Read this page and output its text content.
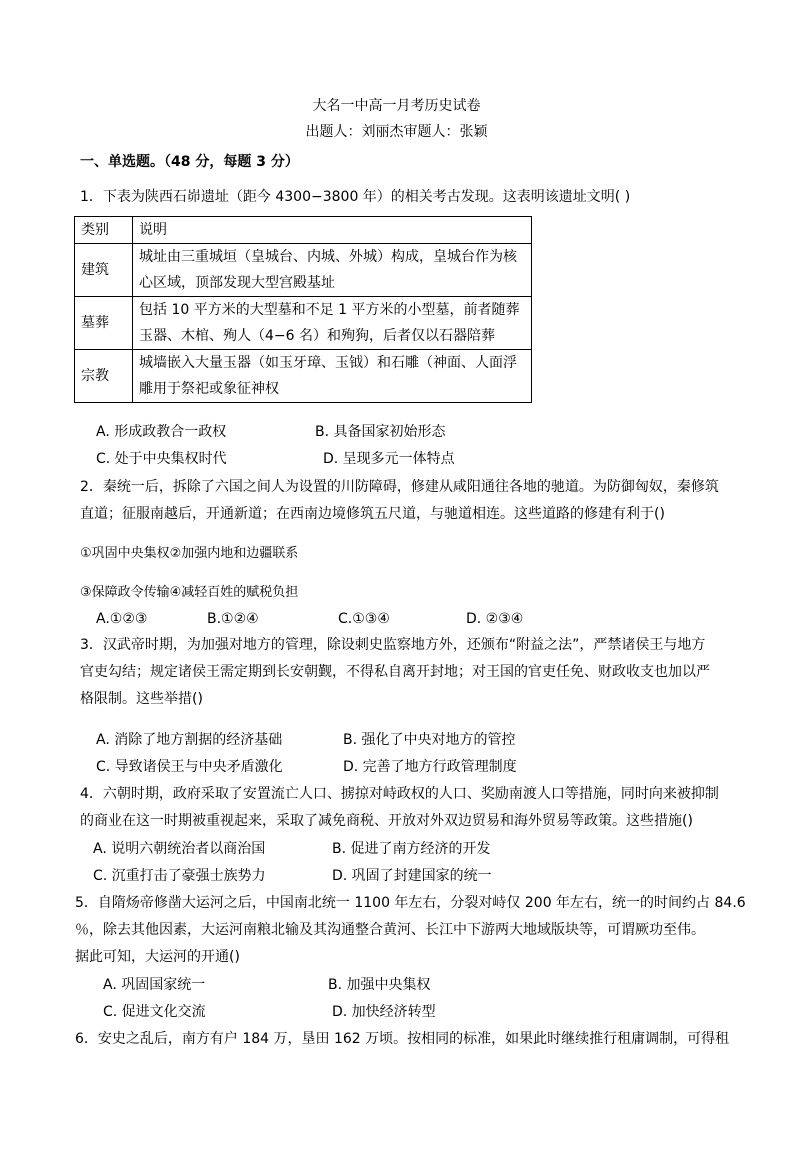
大名一中高一月考历史试卷
出题人：刘丽杰审题人：张颖
一、单选题。（48 分，每题 3 分）
1．下表为陕西石峁遗址（距今 4300−3800 年）的相关考古发现。这表明该遗址文明( )
类别	说明
建筑	城址由三重城垣（皇城台、内城、外城）构成，皇城台作为核心区域，顶部发现大型宫殿基址
墓葬	包括 10 平方米的大型墓和不足 1 平方米的小型墓，前者随葬玉器、木棺、殉人（4−6 名）和殉狗，后者仅以石器陪葬
宗教	城墙嵌入大量玉器（如玉牙璋、玉钺）和石雕（神面、人面浮雕用于祭祀或象征神权
A. 形成政教合一政权	B. 具备国家初始形态
C. 处于中央集权时代	D. 呈现多元一体特点
2．秦统一后，拆除了六国之间人为设置的川防障碍，修建从咸阳通往各地的驰道。为防御匈奴，秦修筑
直道；征服南越后，开通新道；在西南边境修筑五尺道，与驰道相连。这些道路的修建有利于()
①巩固中央集权②加强内地和边疆联系
③保障政令传输④减轻百姓的赋税负担
A.①②③	B.①②④	C.①③④	D. ②③④
3．汉武帝时期，为加强对地方的管理，除设刺史监察地方外，还颁布“附益之法”，严禁诸侯王与地方
官吏勾结；规定诸侯王需定期到长安朝觐，不得私自离开封地；对王国的官吏任免、财政收支也加以严
格限制。这些举措()
A. 消除了地方割据的经济基础	B. 强化了中央对地方的管控
C. 导致诸侯王与中央矛盾激化	D. 完善了地方行政管理制度
4．六朝时期，政府采取了安置流亡人口、掳掠对峙政权的人口、奖励南渡人口等措施，同时向来被抑制
的商业在这一时期被重视起来，采取了减免商税、开放对外双边贸易和海外贸易等政策。这些措施()
A. 说明六朝统治者以商治国	B. 促进了南方经济的开发
C. 沉重打击了豪强士族势力	D. 巩固了封建国家的统一
5．自隋炀帝修凿大运河之后，中国南北统一 1100 年左右，分裂对峙仅 200 年左右，统一的时间约占 84.6
％，除去其他因素，大运河南粮北输及其沟通整合黄河、长江中下游两大地域版块等，可谓厥功至伟。
据此可知，大运河的开通()
A. 巩固国家统一	B. 加强中央集权
C. 促进文化交流	D. 加快经济转型
6．安史之乱后，南方有户 184 万，垦田 162 万顷。按相同的标准，如果此时继续推行租庸调制，可得租
